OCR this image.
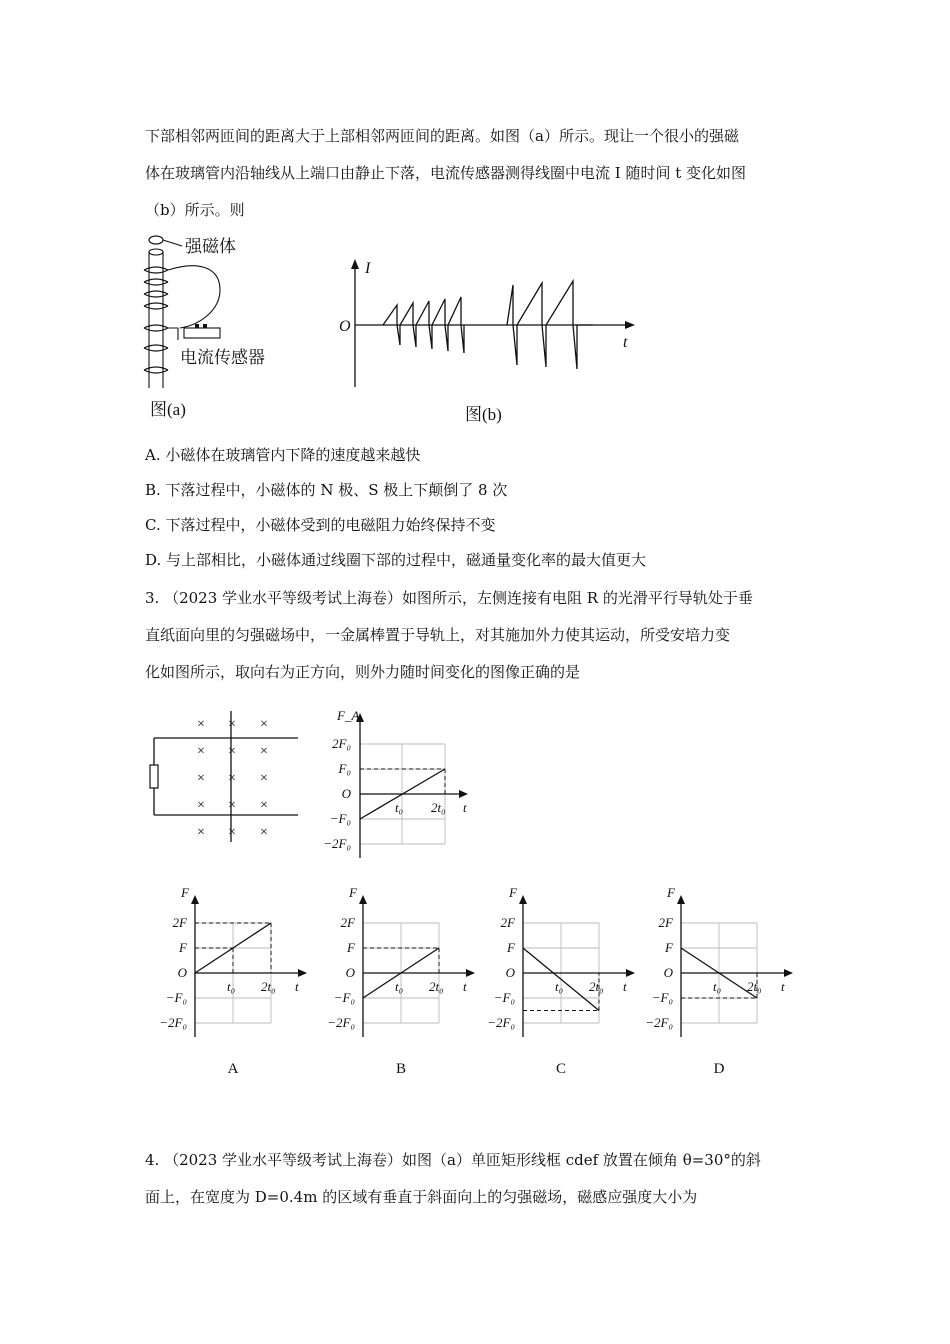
下部相邻两匝间的距离大于上部相邻两匝间的距离。如图（a）所示。现让一个很小的强磁
体在玻璃管内沿轴线从上端口由静止下落，电流传感器测得线圈中电流 I 随时间 t 变化如图
（b）所示。则

强磁体
电流传感器
图(a)
I
t
O
图(b)
A. 小磁体在玻璃管内下降的速度越来越快
B. 下落过程中，小磁体的 N 极、S 极上下颠倒了 8 次
C. 下落过程中，小磁体受到的电磁阻力始终保持不变
D. 与上部相比，小磁体通过线圈下部的过程中，磁通量变化率的最大值更大

3. （2023 学业水平等级考试上海卷）如图所示，左侧连接有电阻 R 的光滑平行导轨处于垂
直纸面向里的匀强磁场中，一金属棒置于导轨上，对其施加外力使其运动，所受安培力变
化如图所示，取向右为正方向，则外力随时间变化的图像正确的是

× × ×
× × ×
× × ×
× × ×
× × ×
F_A
2F₀
F₀
O
−F₀
−2F₀
t₀ 2t₀ t
F
2F
F
O
−F₀
−2F₀
t₀ 2t₀ t
A
F
2F
F
O
−F₀
−2F₀
t₀ 2t₀ t
B
F
2F
F
O
−F₀
−2F₀
t₀ 2t₀ t
C
F
2F
F
O
−F₀
−2F₀
t₀ 2t₀ t
D

4. （2023 学业水平等级考试上海卷）如图（a）单匝矩形线框 cdef 放置在倾角 θ=30°的斜
面上，在宽度为 D=0.4m 的区域有垂直于斜面向上的匀强磁场，磁感应强度大小为
